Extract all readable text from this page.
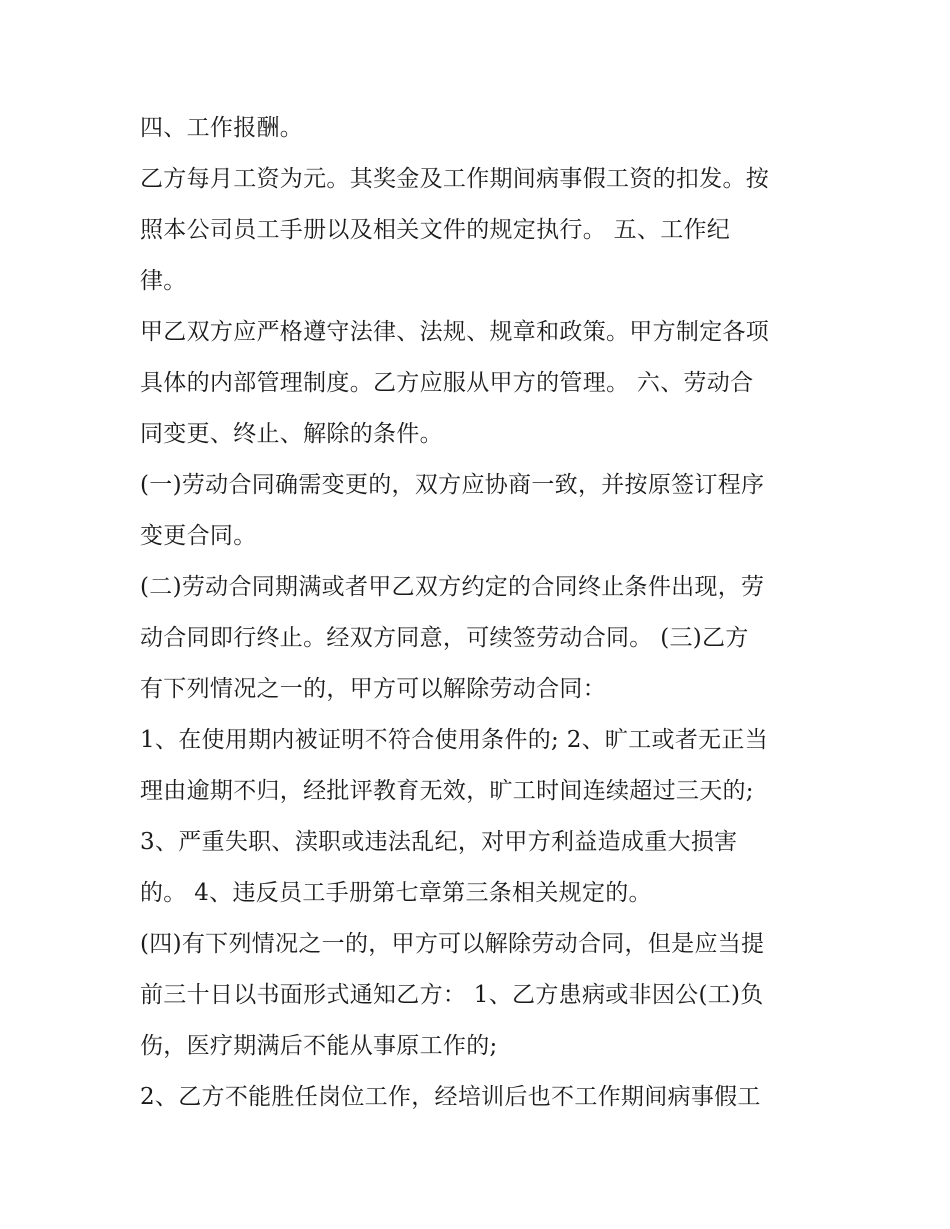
四、工作报酬。
乙方每月工资为元。其奖金及工作期间病事假工资的扣发。按
照本公司员工手册以及相关文件的规定执行。 五、工作纪
律。
甲乙双方应严格遵守法律、法规、规章和政策。甲方制定各项
具体的内部管理制度。乙方应服从甲方的管理。 六、劳动合
同变更、终止、解除的条件。
(一)劳动合同确需变更的，双方应协商一致，并按原签订程序
变更合同。
(二)劳动合同期满或者甲乙双方约定的合同终止条件出现，劳
动合同即行终止。经双方同意，可续签劳动合同。 (三)乙方
有下列情况之一的，甲方可以解除劳动合同：
1、在使用期内被证明不符合使用条件的; 2、旷工或者无正当
理由逾期不归，经批评教育无效，旷工时间连续超过三天的;
3、严重失职、渎职或违法乱纪，对甲方利益造成重大损害
的。 4、违反员工手册第七章第三条相关规定的。
(四)有下列情况之一的，甲方可以解除劳动合同，但是应当提
前三十日以书面形式通知乙方： 1、乙方患病或非因公(工)负
伤，医疗期满后不能从事原工作的;
2、乙方不能胜任岗位工作，经培训后也不工作期间病事假工
